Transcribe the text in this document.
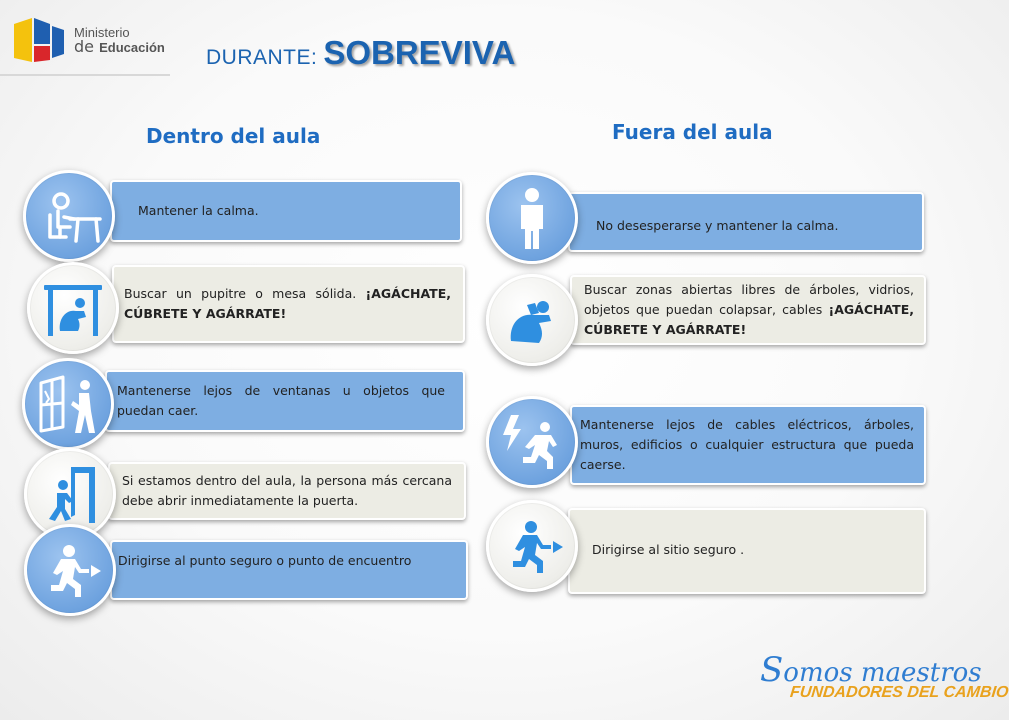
Ministerio
de Educación DURANTE: SOBREVIVA
Dentro del aula	Fuera del aula
Mantener la calma.
Buscar un pupitre o mesa sólida. ¡AGÁCHATE, CÚBRETE Y AGÁRRATE!
Mantenerse lejos de ventanas u objetos que puedan caer.
Si estamos dentro del aula, la persona más cercana debe abrir inmediatamente la puerta.
Dirigirse al punto seguro o punto de encuentro
No desesperarse y mantener la calma.
Buscar zonas abiertas libres de árboles, vidrios, objetos que puedan colapsar, cables ¡AGÁCHATE, CÚBRETE Y AGÁRRATE!
Mantenerse lejos de cables eléctricos, árboles, muros, edificios o cualquier estructura que pueda caerse.
Dirigirse al sitio seguro .
Somos maestros
FUNDADORES DEL CAMBIO
